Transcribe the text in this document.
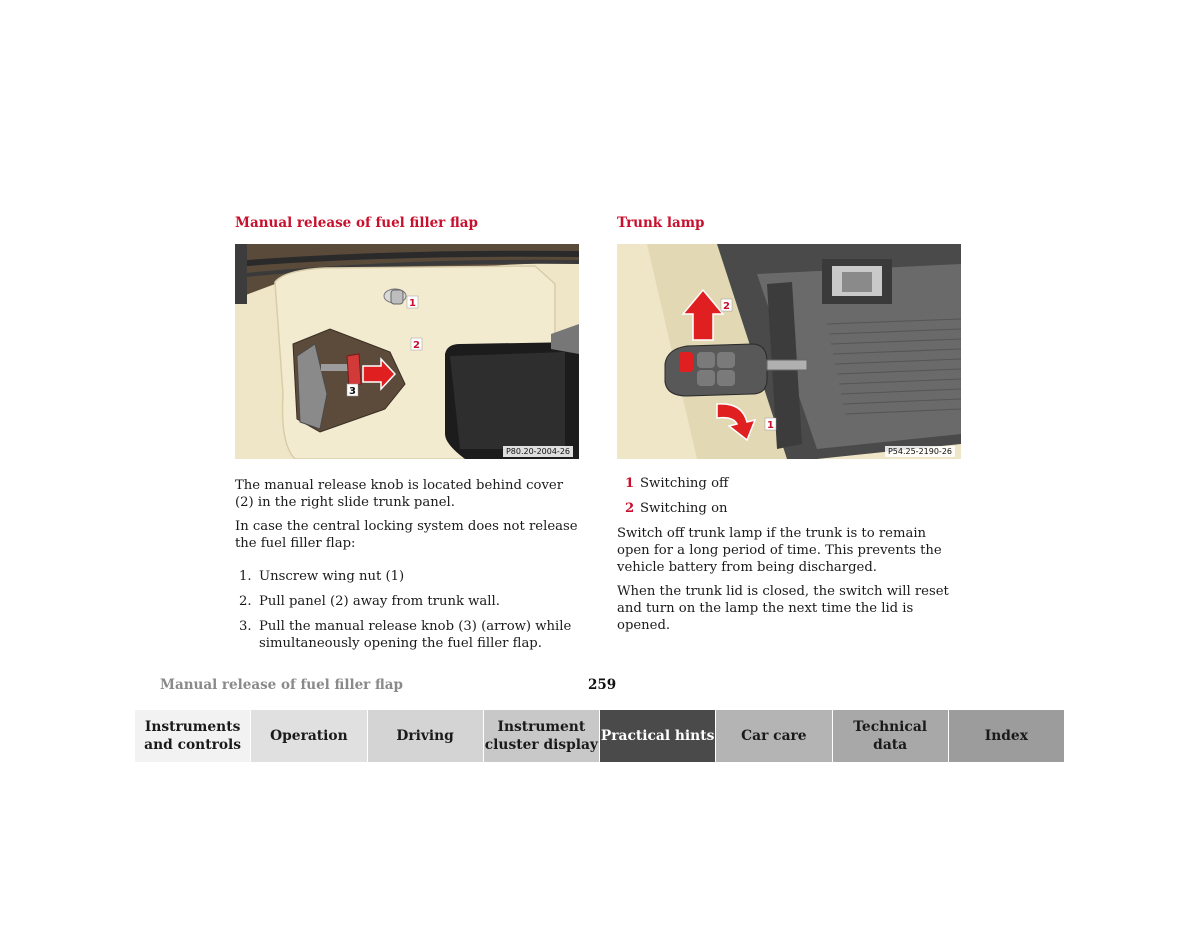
Manual release of fuel filler flap
1
2
3
P80.20-2004-26

The manual release knob is located behind cover (2) in the right slide trunk panel.

In case the central locking system does not release the fuel filler flap:

1. Unscrew wing nut (1)
2. Pull panel (2) away from trunk wall.
3. Pull the manual release knob (3) (arrow) while simultaneously opening the fuel filler flap.
Trunk lamp
2
1
P54.25-2190-26
1 Switching off
2 Switching on

Switch off trunk lamp if the trunk is to remain open for a long period of time. This prevents the vehicle battery from being discharged.

When the trunk lid is closed, the switch will reset and turn on the lamp the next time the lid is opened.

Manual release of fuel filler flap	259
Instruments
and controls
Operation	Driving
Instrument
cluster display
Practical hints Car care
Technical
data
Index
